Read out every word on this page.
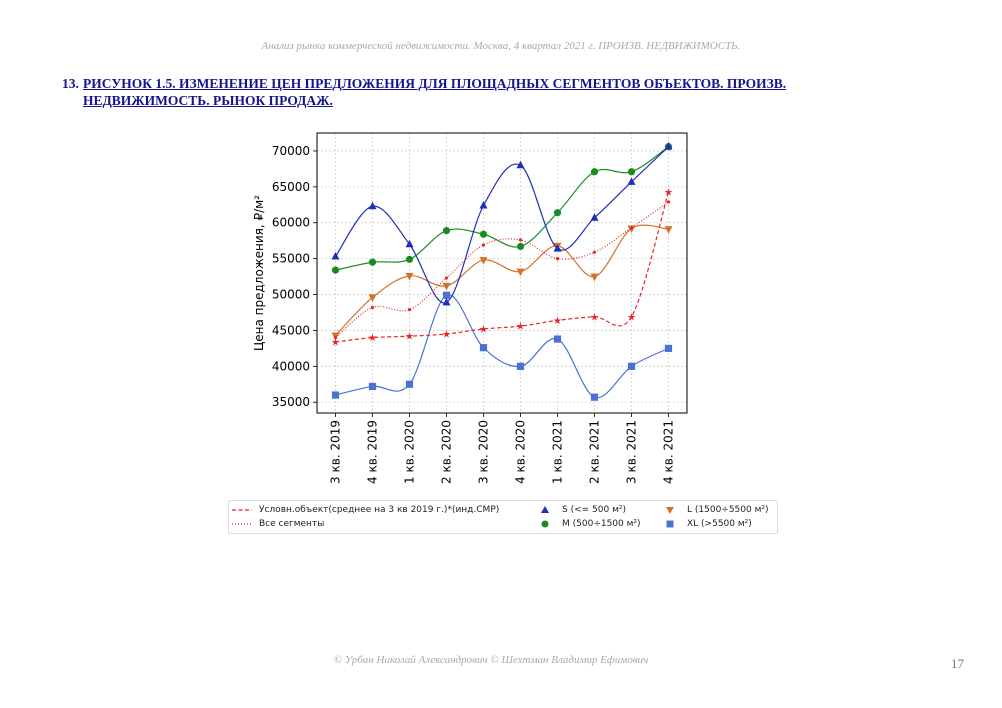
Анализ рынка коммерческой недвижимости. Москва, 4 квартал 2021 г. ПРОИЗВ. НЕДВИЖИМОСТЬ.
13. РИСУНОК 1.5. ИЗМЕНЕНИЕ ЦЕН ПРЕДЛОЖЕНИЯ ДЛЯ ПЛОЩАДНЫХ СЕГМЕНТОВ ОБЪЕКТОВ. ПРОИЗВ.
НЕДВИЖИМОСТЬ. РЫНОК ПРОДАЖ.
35000
40000
45000
50000
55000
60000
65000
70000
3 кв. 2019 4 кв. 2019 1 кв. 2020 2 кв. 2020 3 кв. 2020 4 кв. 2020 1 кв. 2021 2 кв. 2021 3 кв. 2021 4 кв. 2021
Цена предложения, ₽/м²	★	★	★	★	★	★
★	★	★
★
Условн.объект(среднее на 3 кв 2019 г.)*(инд.СМР)
Все сегменты
S (<= 500 м²)
M (500÷1500 м²)
L (1500÷5500 м²)
XL (>5500 м²)
© Урбан Николай Александрович © Шехтман Владимир Ефимович	17
